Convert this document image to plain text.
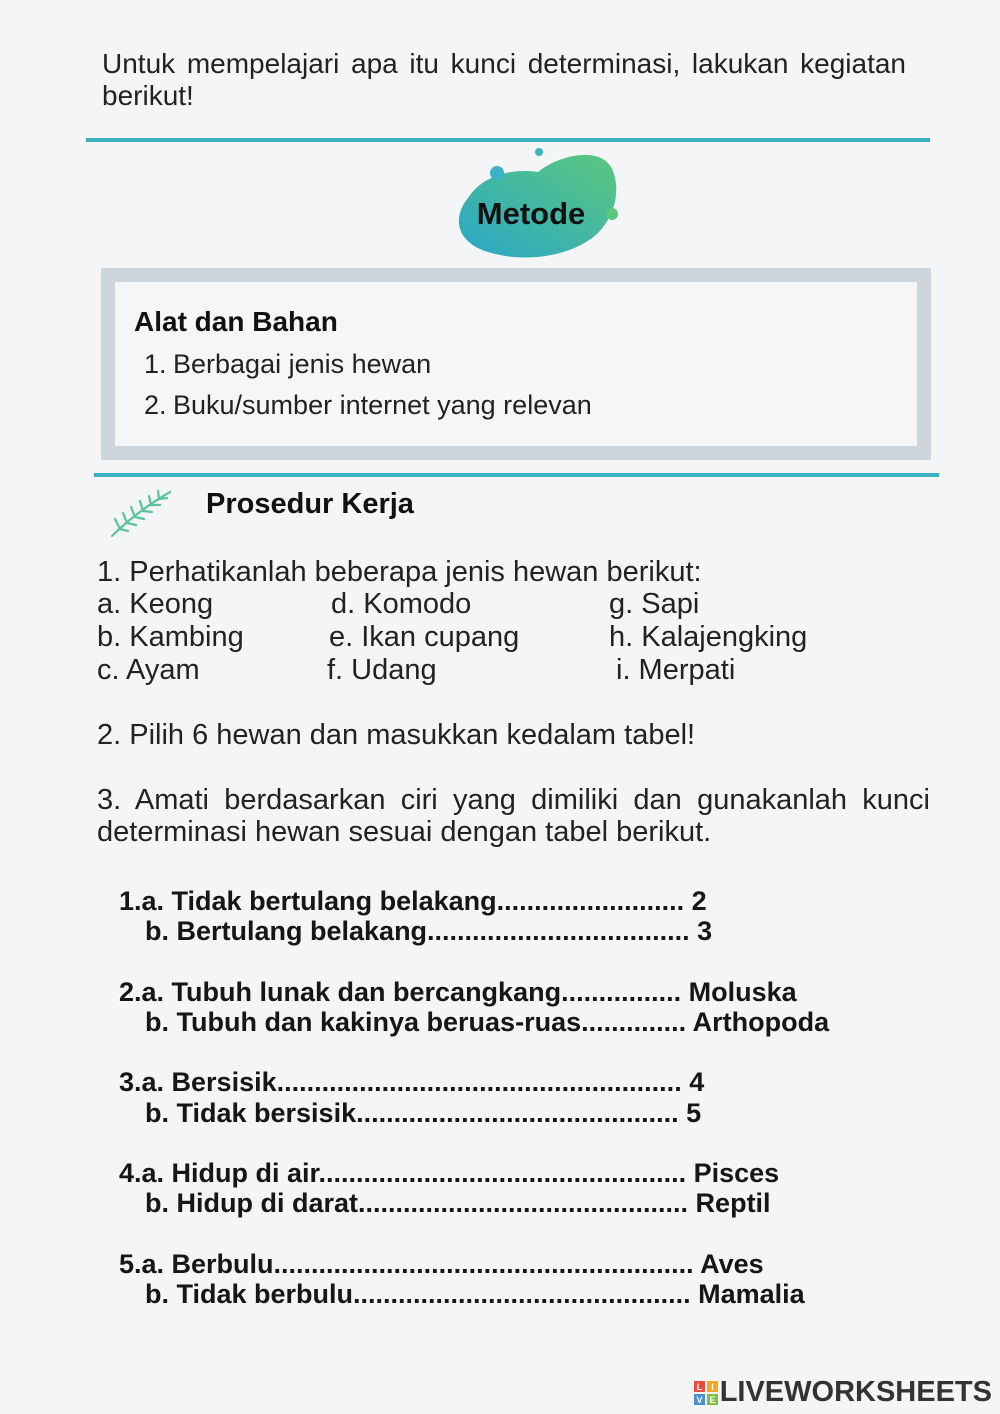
Untuk mempelajari apa itu kunci determinasi, lakukan kegiatan berikut!
Metode
Alat dan Bahan
1. Berbagai jenis hewan
2. Buku/sumber internet yang relevan
Prosedur Kerja
1. Perhatikanlah beberapa jenis hewan berikut:
a. Keong	d. Komodo	g. Sapi
b. Kambing	e. Ikan cupang	h. Kalajengking
c. Ayam	f. Udang	i. Merpati
2. Pilih 6 hewan dan masukkan kedalam tabel!
3. Amati berdasarkan ciri yang dimiliki dan gunakanlah kunci determinasi hewan sesuai dengan tabel berikut.
1.a. Tidak bertulang belakang......................... 2
b. Bertulang belakang................................... 3
2.a. Tubuh lunak dan bercangkang................ Moluska
b. Tubuh dan kakinya beruas-ruas.............. Arthopoda
3.a. Bersisik...................................................... 4
b. Tidak bersisik........................................... 5
4.a. Hidup di air................................................. Pisces
b. Hidup di darat............................................ Reptil
5.a. Berbulu........................................................ Aves
b. Tidak berbulu............................................. Mamalia
L I
V E LIVEWORKSHEETS
